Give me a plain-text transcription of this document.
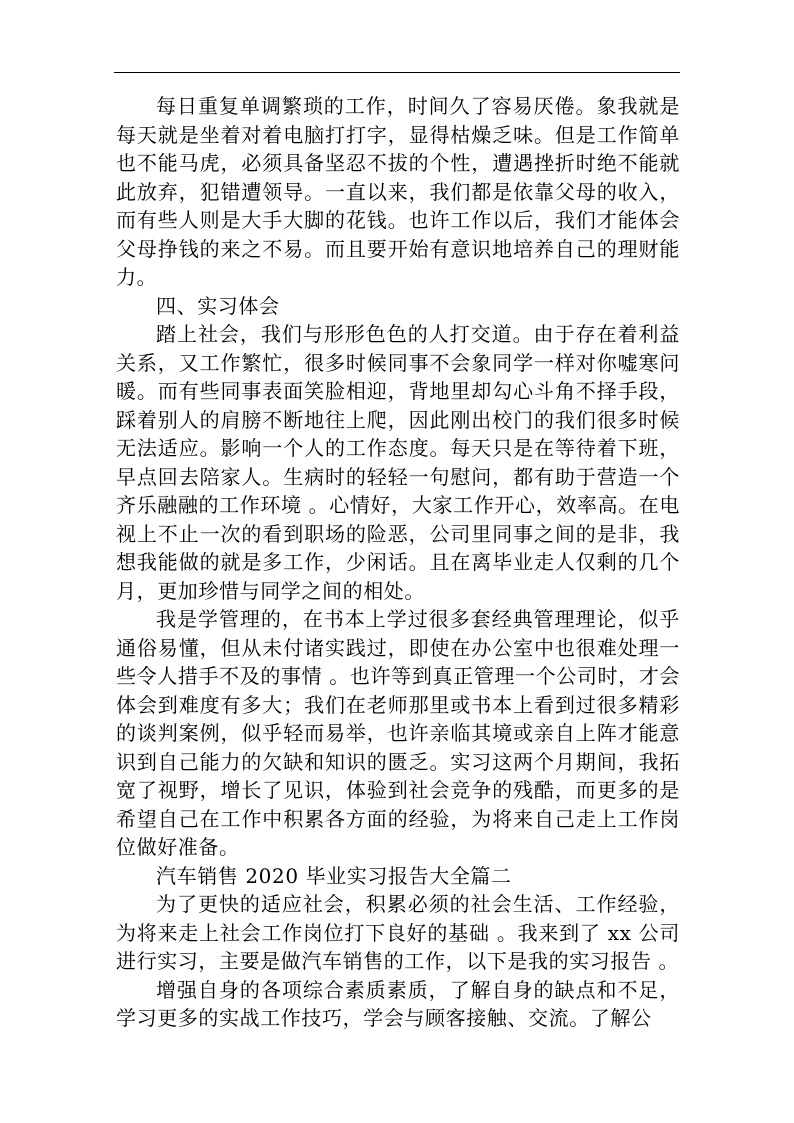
每日重复单调繁琐的工作，时间久了容易厌倦。象我就是每天就是坐着对着电脑打打字，显得枯燥乏味。但是工作简单也不能马虎，必须具备坚忍不拔的个性，遭遇挫折时绝不能就此放弃，犯错遭领导。一直以来，我们都是依靠父母的收入，而有些人则是大手大脚的花钱。也许工作以后，我们才能体会父母挣钱的来之不易。而且要开始有意识地培养自己的理财能力。

四、实习体会

踏上社会，我们与形形色色的人打交道。由于存在着利益关系，又工作繁忙，很多时候同事不会象同学一样对你嘘寒问暖。而有些同事表面笑脸相迎，背地里却勾心斗角不择手段，踩着别人的肩膀不断地往上爬，因此刚出校门的我们很多时候无法适应。影响一个人的工作态度。每天只是在等待着下班，早点回去陪家人。生病时的轻轻一句慰问，都有助于营造一个齐乐融融的工作环境 。心情好，大家工作开心，效率高。在电视上不止一次的看到职场的险恶，公司里同事之间的是非，我想我能做的就是多工作，少闲话。且在离毕业走人仅剩的几个月，更加珍惜与同学之间的相处。

我是学管理的，在书本上学过很多套经典管理理论，似乎通俗易懂，但从未付诸实践过，即使在办公室中也很难处理一些令人措手不及的事情 。也许等到真正管理一个公司时，才会体会到难度有多大；我们在老师那里或书本上看到过很多精彩的谈判案例，似乎轻而易举，也许亲临其境或亲自上阵才能意识到自己能力的欠缺和知识的匮乏。实习这两个月期间，我拓宽了视野，增长了见识，体验到社会竞争的残酷，而更多的是希望自己在工作中积累各方面的经验，为将来自己走上工作岗位做好准备。

汽车销售 2020 毕业实习报告大全篇二

为了更快的适应社会，积累必须的社会生活、工作经验，为将来走上社会工作岗位打下良好的基础 。我来到了 xx 公司进行实习，主要是做汽车销售的工作，以下是我的实习报告 。

增强自身的各项综合素质素质，了解自身的缺点和不足，学习更多的实战工作技巧，学会与顾客接触、交流。了解公
